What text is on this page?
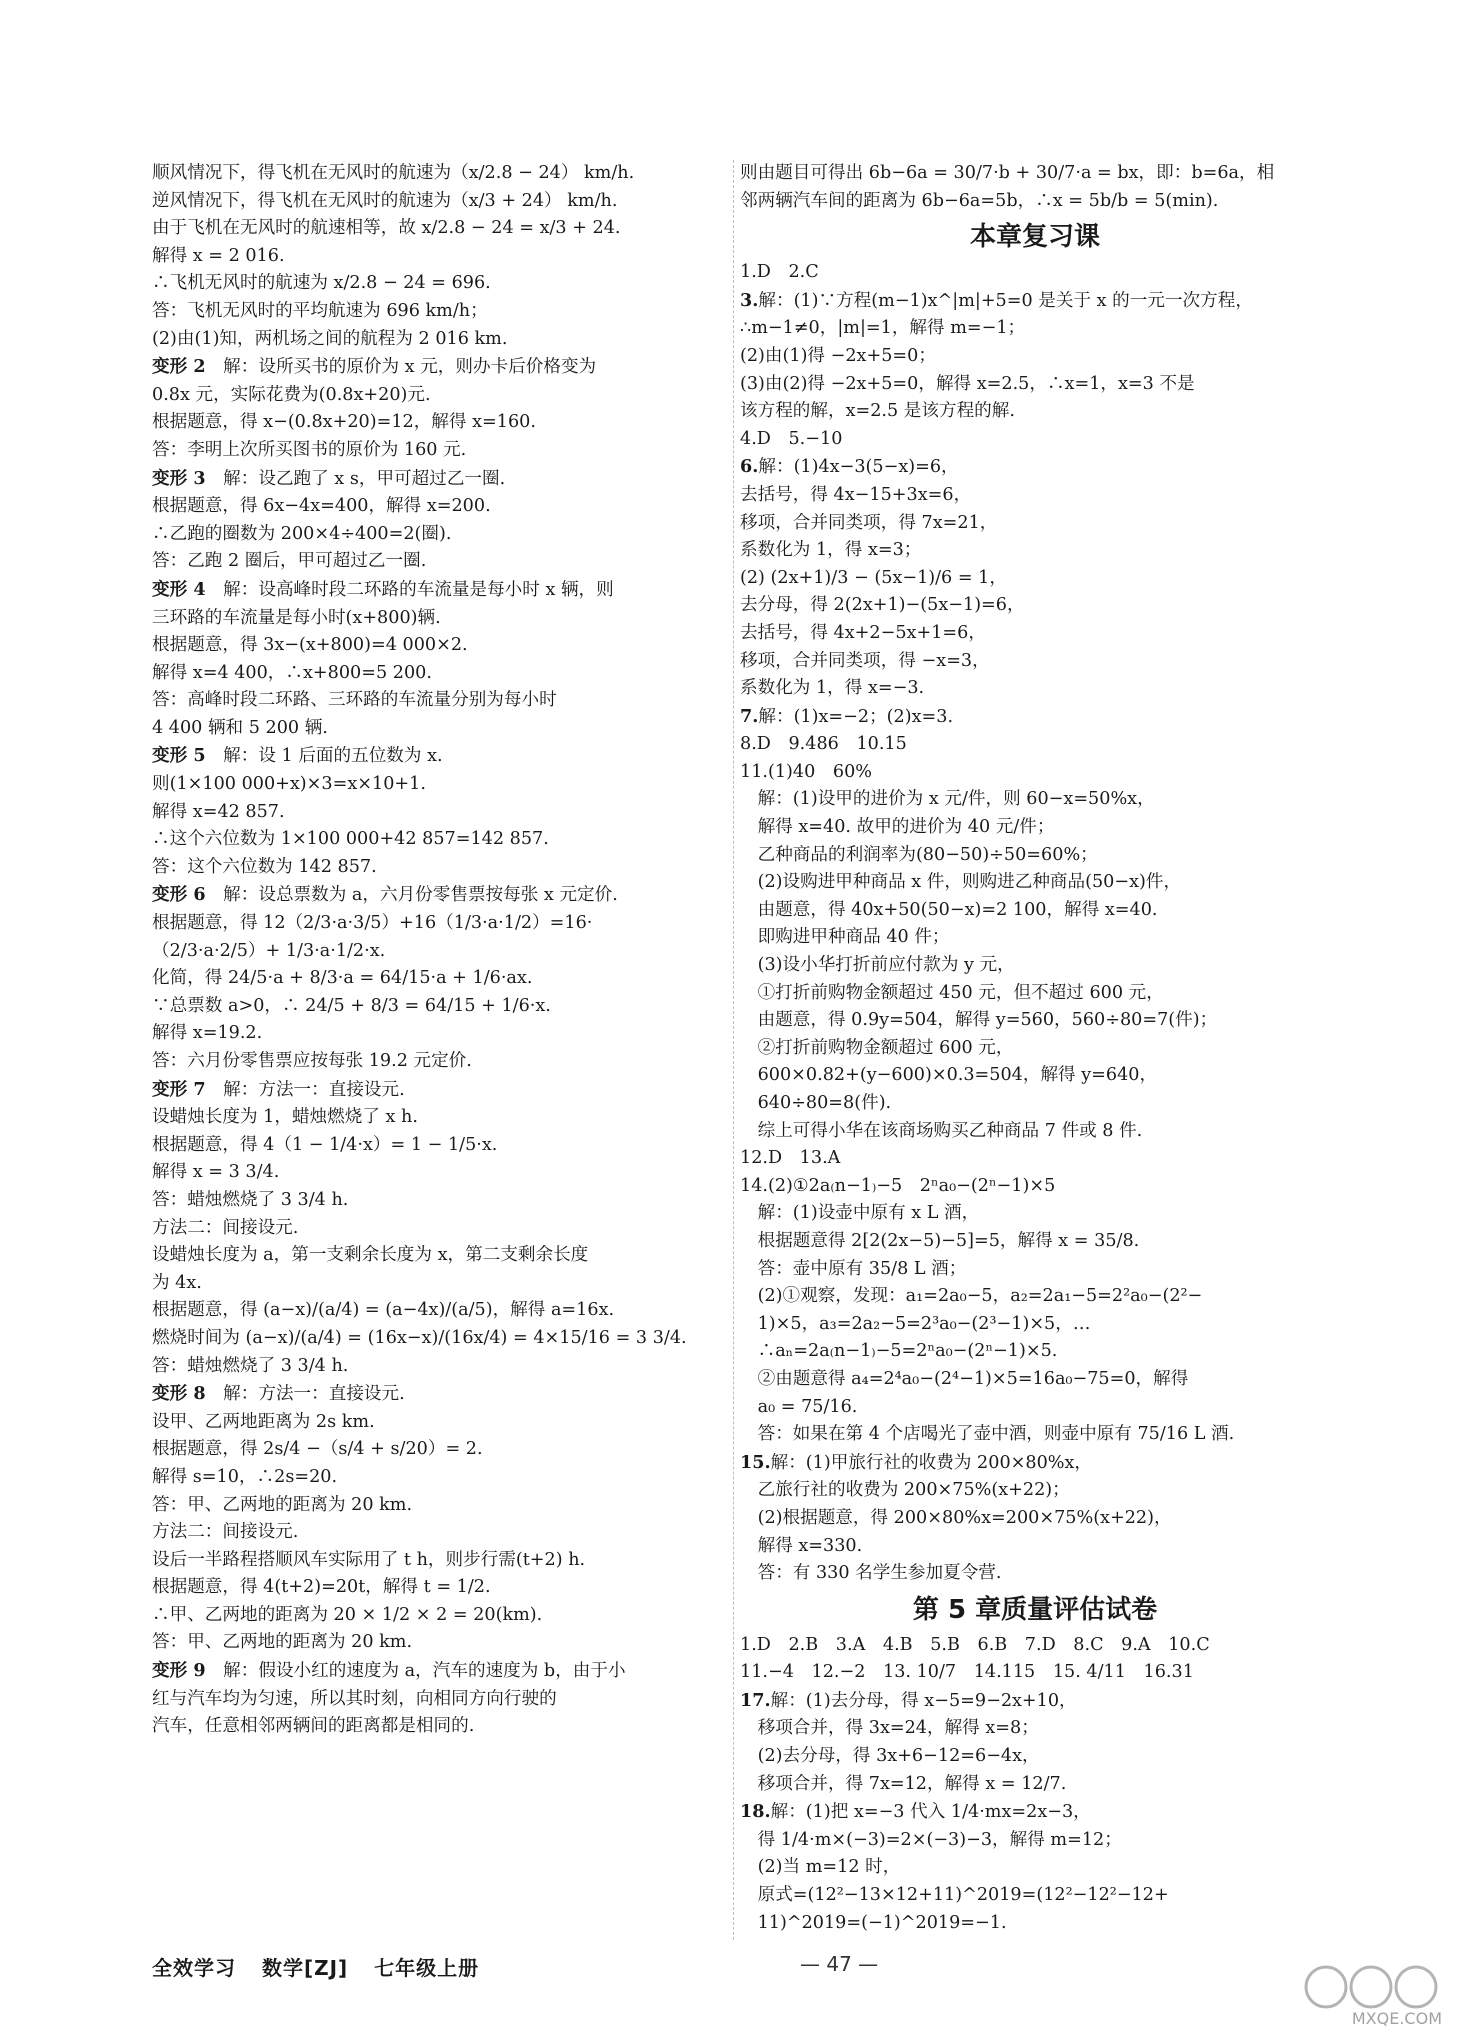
顺风情况下，得飞机在无风时的航速为（x/2.8 − 24） km/h.
逆风情况下，得飞机在无风时的航速为（x/3 + 24） km/h.
由于飞机在无风时的航速相等，故 x/2.8 − 24 = x/3 + 24.
解得 x = 2 016.
∴飞机无风时的航速为 x/2.8 − 24 = 696.
答：飞机无风时的平均航速为 696 km/h；
(2)由(1)知，两机场之间的航程为 2 016 km.
变形 2　解：设所买书的原价为 x 元，则办卡后价格变为
0.8x 元，实际花费为(0.8x+20)元.
根据题意，得 x−(0.8x+20)=12，解得 x=160.
答：李明上次所买图书的原价为 160 元.
变形 3　解：设乙跑了 x s，甲可超过乙一圈.
根据题意，得 6x−4x=400，解得 x=200.
∴乙跑的圈数为 200×4÷400=2(圈).
答：乙跑 2 圈后，甲可超过乙一圈.
变形 4　解：设高峰时段二环路的车流量是每小时 x 辆，则
三环路的车流量是每小时(x+800)辆.
根据题意，得 3x−(x+800)=4 000×2.
解得 x=4 400，∴x+800=5 200.
答：高峰时段二环路、三环路的车流量分别为每小时
4 400 辆和 5 200 辆.
变形 5　解：设 1 后面的五位数为 x.
则(1×100 000+x)×3=x×10+1.
解得 x=42 857.
∴这个六位数为 1×100 000+42 857=142 857.
答：这个六位数为 142 857.
变形 6　解：设总票数为 a，六月份零售票按每张 x 元定价.
根据题意，得 12（2/3·a·3/5）+16（1/3·a·1/2）=16·
（2/3·a·2/5）+ 1/3·a·1/2·x.
化简，得 24/5·a + 8/3·a = 64/15·a + 1/6·ax.
∵总票数 a>0，∴ 24/5 + 8/3 = 64/15 + 1/6·x.
解得 x=19.2.
答：六月份零售票应按每张 19.2 元定价.
变形 7　解：方法一：直接设元.
设蜡烛长度为 1，蜡烛燃烧了 x h.
根据题意，得 4（1 − 1/4·x）= 1 − 1/5·x.
解得 x = 3 3/4.
答：蜡烛燃烧了 3 3/4 h.
方法二：间接设元.
设蜡烛长度为 a，第一支剩余长度为 x，第二支剩余长度
为 4x.
根据题意，得 (a−x)/(a/4) = (a−4x)/(a/5)，解得 a=16x.
燃烧时间为 (a−x)/(a/4) = (16x−x)/(16x/4) = 4×15/16 = 3 3/4.
答：蜡烛燃烧了 3 3/4 h.
变形 8　解：方法一：直接设元.
设甲、乙两地距离为 2s km.
根据题意，得 2s/4 −（s/4 + s/20）= 2.
解得 s=10，∴2s=20.
答：甲、乙两地的距离为 20 km.
方法二：间接设元.
设后一半路程搭顺风车实际用了 t h，则步行需(t+2) h.
根据题意，得 4(t+2)=20t，解得 t = 1/2.
∴甲、乙两地的距离为 20 × 1/2 × 2 = 20(km).
答：甲、乙两地的距离为 20 km.
变形 9　解：假设小红的速度为 a，汽车的速度为 b，由于小
红与汽车均为匀速，所以其时刻，向相同方向行驶的
汽车，任意相邻两辆间的距离都是相同的.
则由题目可得出 6b−6a = 30/7·b + 30/7·a = bx，即：b=6a，相
邻两辆汽车间的距离为 6b−6a=5b，∴x = 5b/b = 5(min).
本章复习课
1.D　2.C
3.解：(1)∵方程(m−1)x^|m|+5=0 是关于 x 的一元一次方程，
∴m−1≠0，|m|=1，解得 m=−1；
(2)由(1)得 −2x+5=0；
(3)由(2)得 −2x+5=0，解得 x=2.5，∴x=1，x=3 不是
该方程的解，x=2.5 是该方程的解.
4.D　5.−10
6.解：(1)4x−3(5−x)=6，
去括号，得 4x−15+3x=6，
移项，合并同类项，得 7x=21，
系数化为 1，得 x=3；
(2) (2x+1)/3 − (5x−1)/6 = 1，
去分母，得 2(2x+1)−(5x−1)=6，
去括号，得 4x+2−5x+1=6，
移项，合并同类项，得 −x=3，
系数化为 1，得 x=−3.
7.解：(1)x=−2；(2)x=3.
8.D　9.486　10.15
11.(1)40　60%
　解：(1)设甲的进价为 x 元/件，则 60−x=50%x，
　解得 x=40. 故甲的进价为 40 元/件；
　乙种商品的利润率为(80−50)÷50=60%；
　(2)设购进甲种商品 x 件，则购进乙种商品(50−x)件，
　由题意，得 40x+50(50−x)=2 100，解得 x=40.
　即购进甲种商品 40 件；
　(3)设小华打折前应付款为 y 元，
　①打折前购物金额超过 450 元，但不超过 600 元，
　由题意，得 0.9y=504，解得 y=560，560÷80=7(件)；
　②打折前购物金额超过 600 元，
　600×0.82+(y−600)×0.3=504，解得 y=640，
　640÷80=8(件).
　综上可得小华在该商场购买乙种商品 7 件或 8 件.
12.D　13.A
14.(2)①2a₍n−1₎−5　2ⁿa₀−(2ⁿ−1)×5
　解：(1)设壶中原有 x L 酒，
　根据题意得 2[2(2x−5)−5]=5，解得 x = 35/8.
　答：壶中原有 35/8 L 酒；
　(2)①观察，发现：a₁=2a₀−5，a₂=2a₁−5=2²a₀−(2²−
　1)×5，a₃=2a₂−5=2³a₀−(2³−1)×5，…
　∴aₙ=2a₍n−1₎−5=2ⁿa₀−(2ⁿ−1)×5.
　②由题意得 a₄=2⁴a₀−(2⁴−1)×5=16a₀−75=0，解得
　a₀ = 75/16.
　答：如果在第 4 个店喝光了壶中酒，则壶中原有 75/16 L 酒.
15.解：(1)甲旅行社的收费为 200×80%x，
　乙旅行社的收费为 200×75%(x+22)；
　(2)根据题意，得 200×80%x=200×75%(x+22)，
　解得 x=330.
　答：有 330 名学生参加夏令营.
第 5 章质量评估试卷
1.D　2.B　3.A　4.B　5.B　6.B　7.D　8.C　9.A　10.C
11.−4　12.−2　13. 10/7　14.115　15. 4/11　16.31
17.解：(1)去分母，得 x−5=9−2x+10，
　移项合并，得 3x=24，解得 x=8；
　(2)去分母，得 3x+6−12=6−4x，
　移项合并，得 7x=12，解得 x = 12/7.
18.解：(1)把 x=−3 代入 1/4·mx=2x−3，
　得 1/4·m×(−3)=2×(−3)−3，解得 m=12；
　(2)当 m=12 时，
　原式=(12²−13×12+11)^2019=(12²−12²−12+
　11)^2019=(−1)^2019=−1.
全效学习 数学[ZJ] 七年级上册	— 47 —
MXQE.COM
